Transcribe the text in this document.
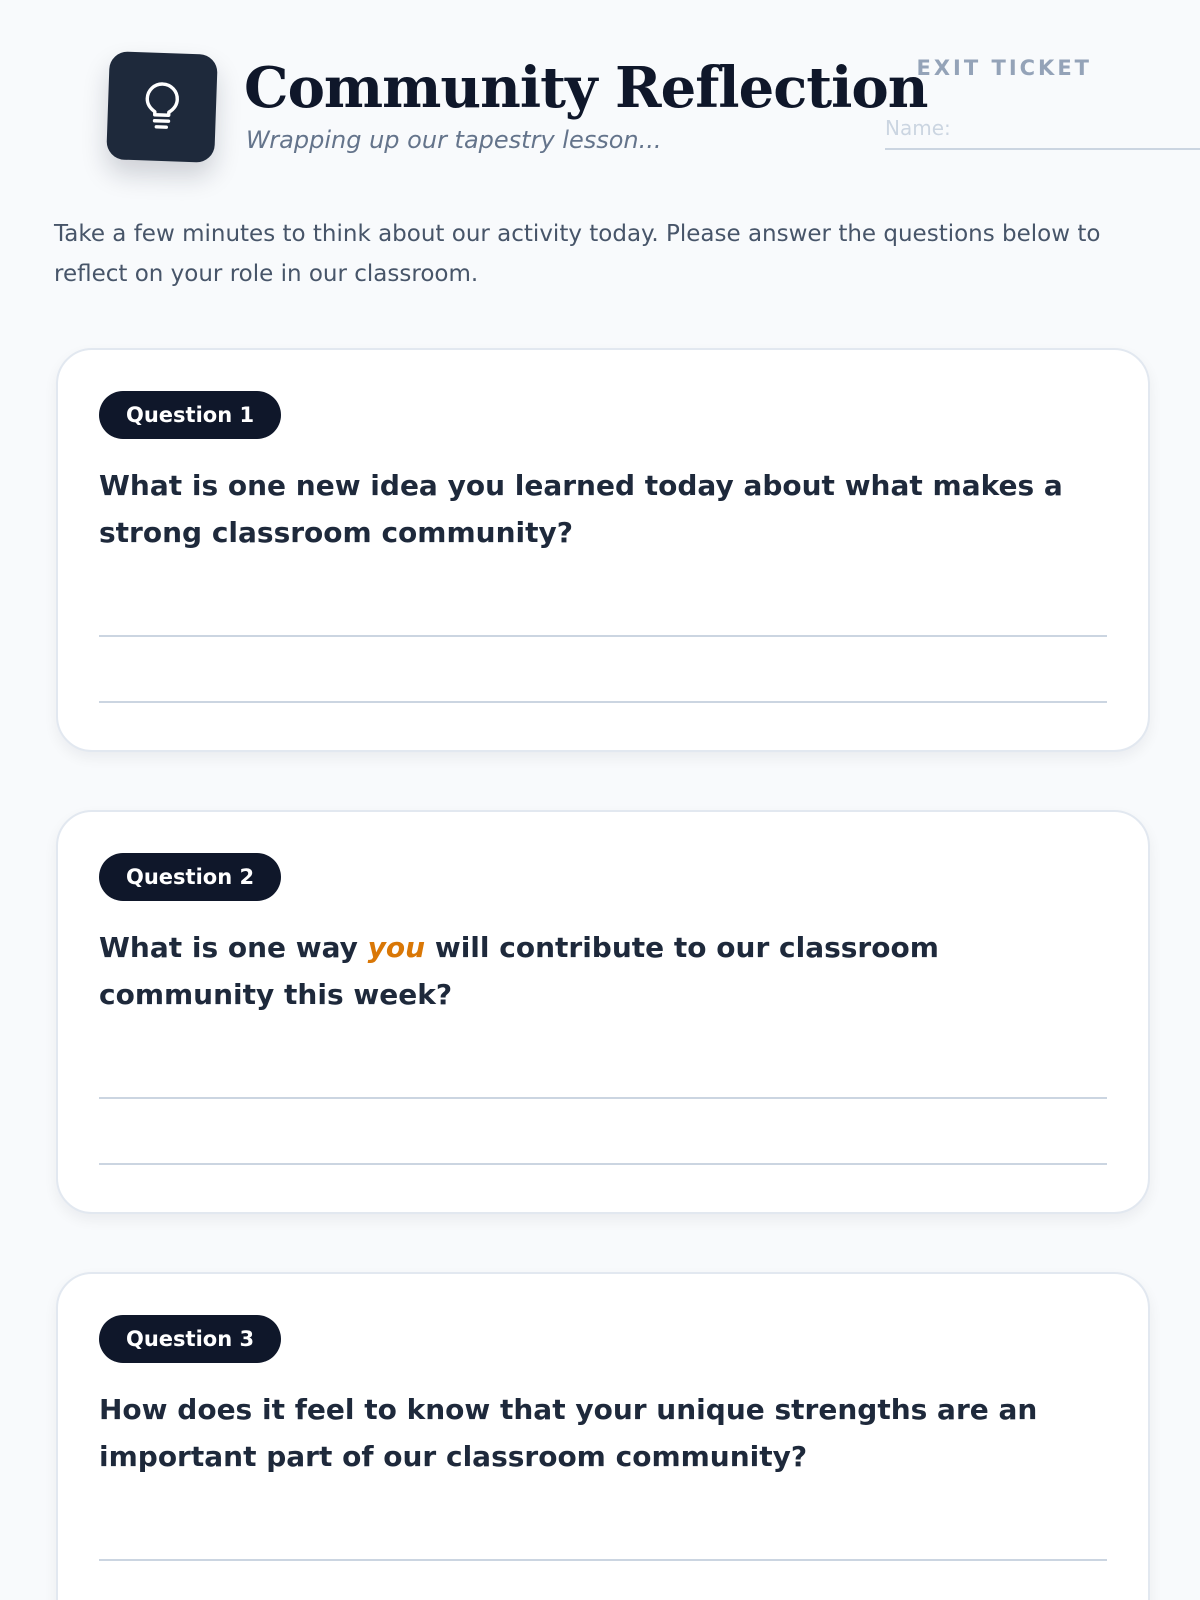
Community Reflection
Wrapping up our tapestry lesson...
EXIT TICKET
Name:

Take a few minutes to think about our activity today. Please answer the questions below to reflect on your role in our classroom.

Question 1

What is one new idea you learned today about what makes a strong classroom community?

Question 2

What is one way you will contribute to our classroom community this week?

Question 3

How does it feel to know that your unique strengths are an important part of our classroom community?
